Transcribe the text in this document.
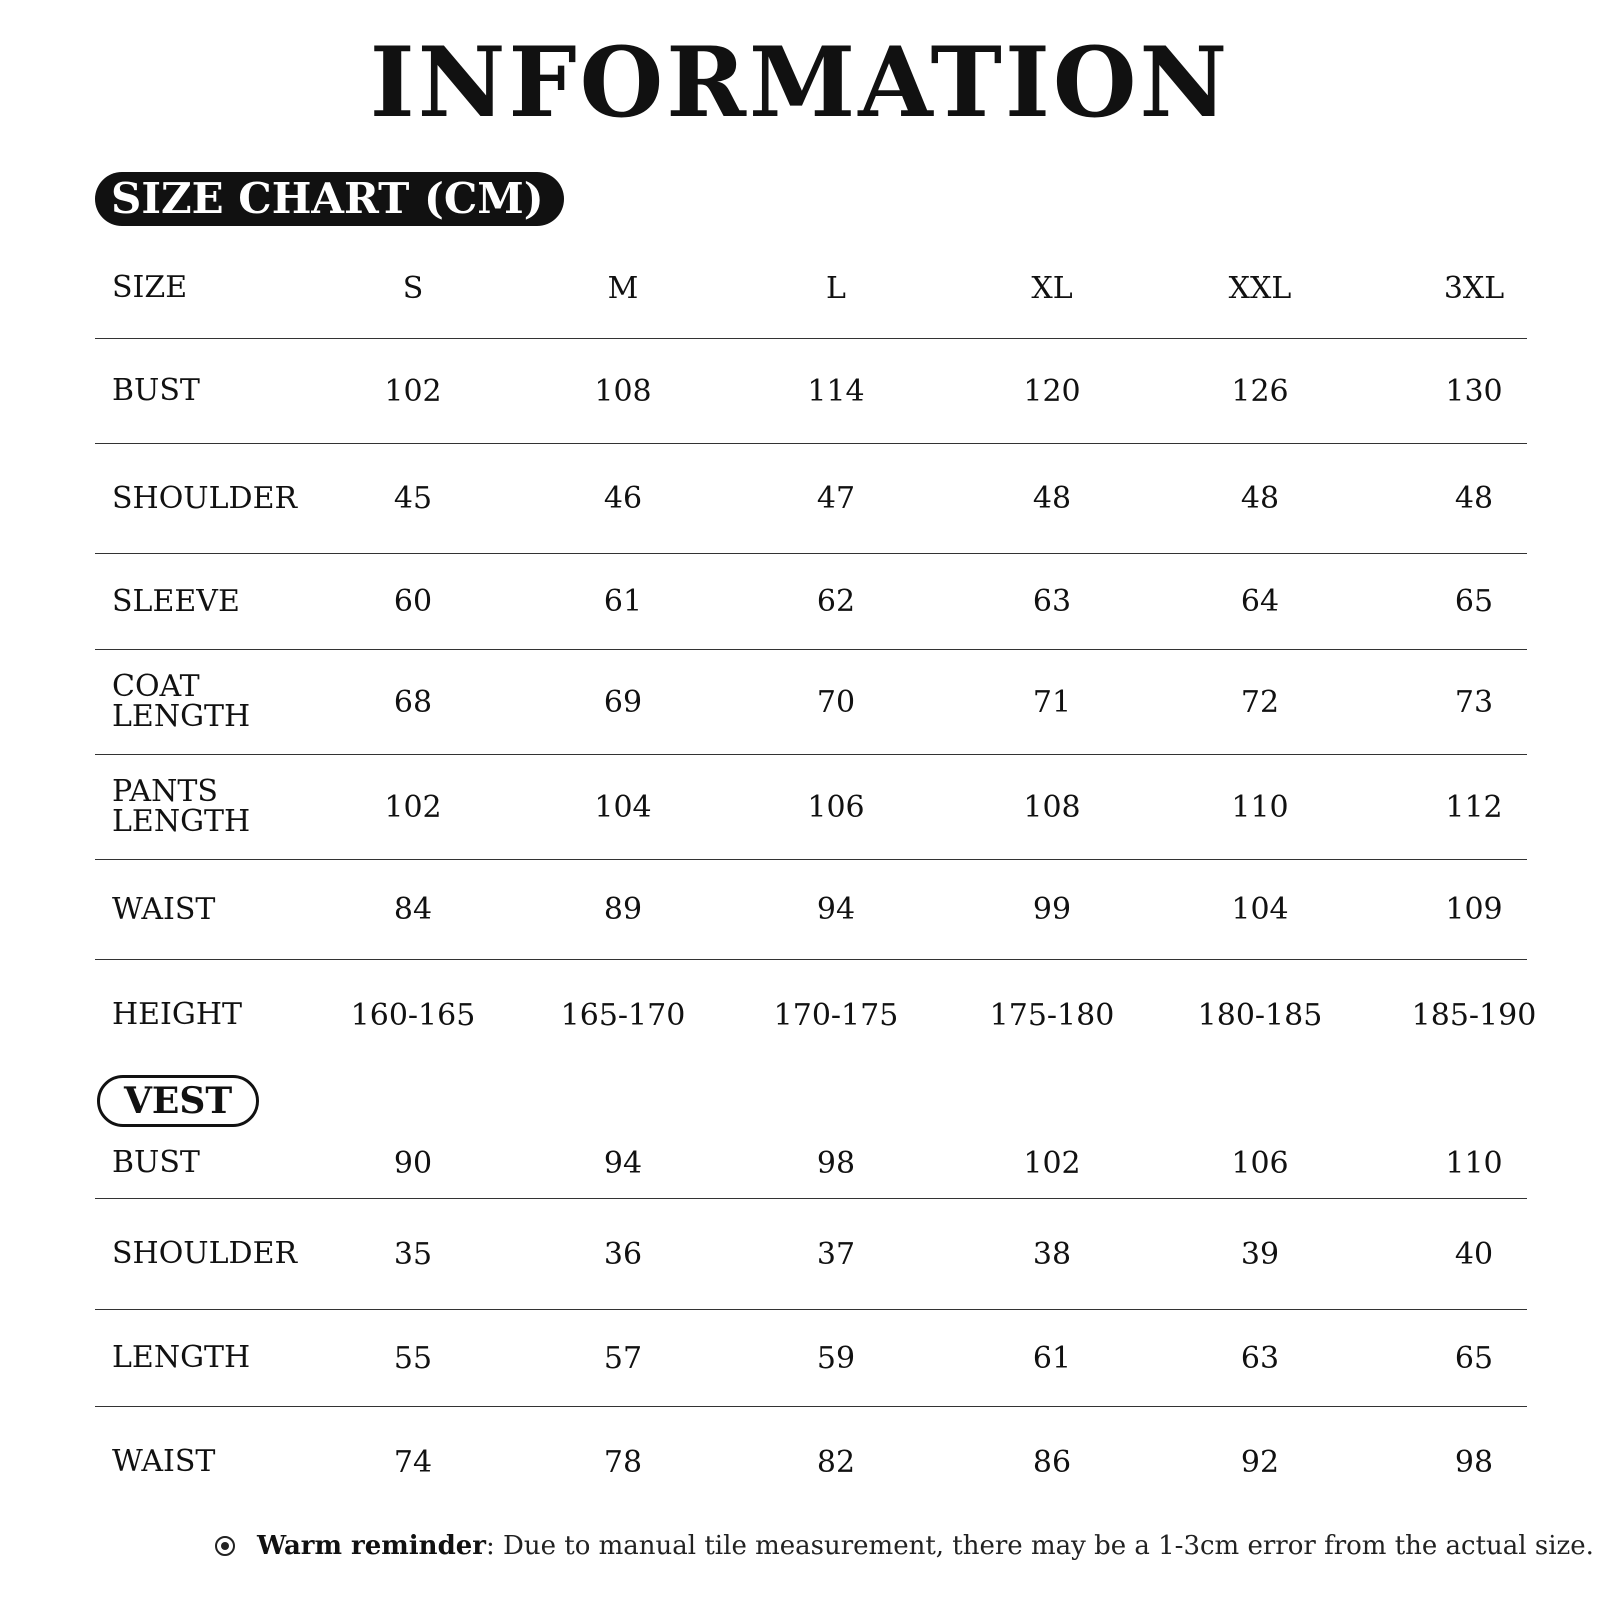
INFORMATION
SIZE CHART (CM)
SIZE	S	M	L	XL	XXL	3XL
BUST	102	108	114	120	126	130
SHOULDER	45	46	47	48	48	48
SLEEVE	60	61	62	63	64	65
COAT LENGTH	68	69	70	71	72	73
PANTS LENGTH	102	104	106	108	110	112
WAIST	84	89	94	99	104	109
HEIGHT	160-165	165-170	170-175	175-180	180-185	185-190
VEST
BUST	90	94	98	102	106	110
SHOULDER	35	36	37	38	39	40
LENGTH	55	57	59	61	63	65
WAIST	74	78	82	86	92	98
Warm reminder: Due to manual tile measurement, there may be a 1-3cm error from the actual size.
